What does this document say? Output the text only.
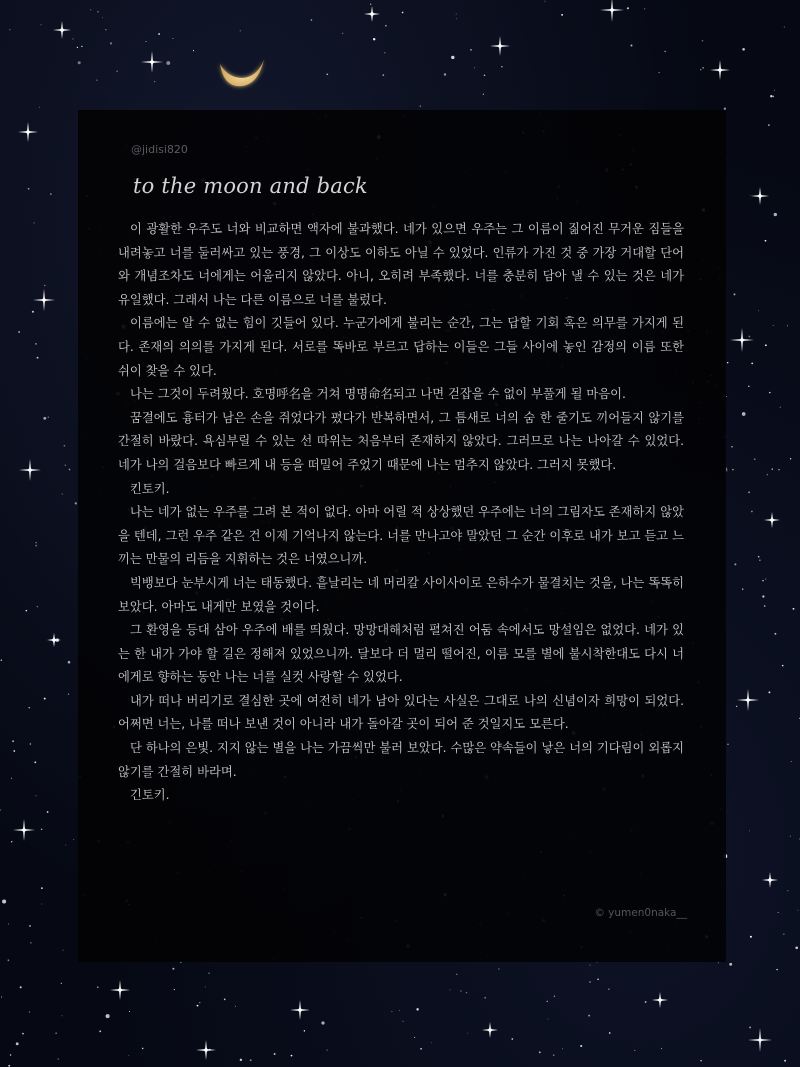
@jidisi820
to the moon and back

이 광활한 우주도 너와 비교하면 액자에 불과했다. 네가 있으면 우주는 그 이름이 짊어진 무거운 짐들을 내려놓고 너를 둘러싸고 있는 풍경, 그 이상도 이하도 아닐 수 있었다. 인류가 가진 것 중 가장 거대할 단어와 개념조차도 너에게는 어울리지 않았다. 아니, 오히려 부족했다. 너를 충분히 담아 낼 수 있는 것은 네가 유일했다. 그래서 나는 다른 이름으로 너를 불렀다.

이름에는 알 수 없는 힘이 깃들어 있다. 누군가에게 불리는 순간, 그는 답할 기회 혹은 의무를 가지게 된다. 존재의 의의를 가지게 된다. 서로를 똑바로 부르고 답하는 이들은 그들 사이에 놓인 감정의 이름 또한 쉬이 찾을 수 있다.

나는 그것이 두려웠다. 호명呼名을 거쳐 명명命名되고 나면 걷잡을 수 없이 부풀게 될 마음이.

꿈결에도 흉터가 남은 손을 쥐었다가 폈다가 반복하면서, 그 틈새로 너의 숨 한 줄기도 끼어들지 않기를 간절히 바랐다. 욕심부릴 수 있는 선 따위는 처음부터 존재하지 않았다. 그러므로 나는 나아갈 수 있었다. 네가 나의 걸음보다 빠르게 내 등을 떠밀어 주었기 때문에 나는 멈추지 않았다. 그러지 못했다.

킨토키.

나는 네가 없는 우주를 그려 본 적이 없다. 아마 어릴 적 상상했던 우주에는 너의 그림자도 존재하지 않았을 텐데, 그런 우주 같은 건 이제 기억나지 않는다. 너를 만나고야 말았던 그 순간 이후로 내가 보고 듣고 느끼는 만물의 리듬을 지휘하는 것은 너였으니까.

빅뱅보다 눈부시게 너는 태동했다. 흩날리는 네 머리칼 사이사이로 은하수가 물결치는 것을, 나는 똑똑히 보았다. 아마도 내게만 보였을 것이다.

그 환영을 등대 삼아 우주에 배를 띄웠다. 망망대해처럼 펼쳐진 어둠 속에서도 망설임은 없었다. 네가 있는 한 내가 가야 할 길은 정해져 있었으니까. 달보다 더 멀리 떨어진, 이름 모를 별에 불시착한대도 다시 너에게로 향하는 동안 나는 너를 실컷 사랑할 수 있었다.

내가 떠나 버리기로 결심한 곳에 여전히 네가 남아 있다는 사실은 그대로 나의 신념이자 희망이 되었다. 어쩌면 너는, 나를 떠나 보낸 것이 아니라 내가 돌아갈 곳이 되어 준 것일지도 모른다.

단 하나의 은빛. 지지 않는 별을 나는 가끔씩만 불러 보았다. 수많은 약속들이 낳은 너의 기다림이 외롭지 않기를 간절히 바라며.

긴토키.

© yumen0naka__
